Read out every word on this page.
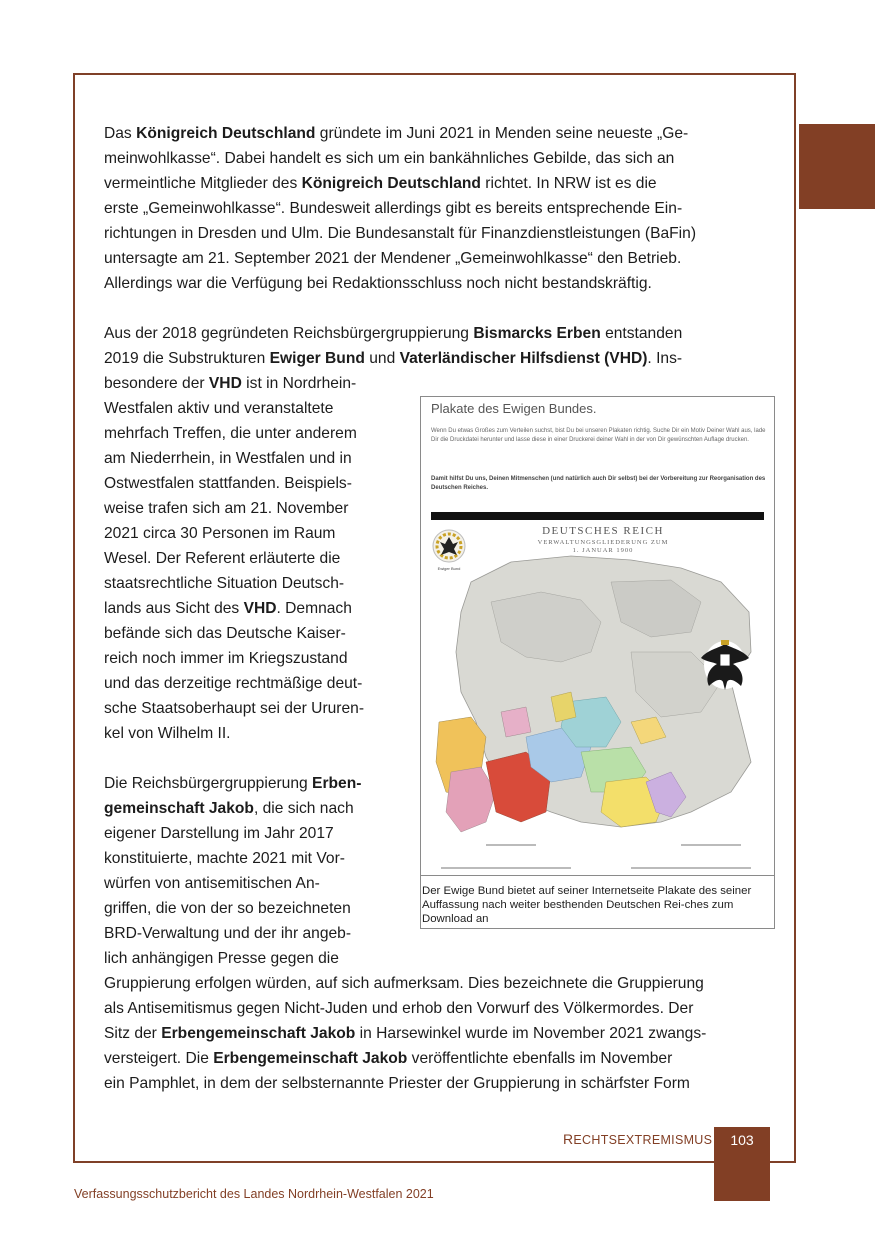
Das Königreich Deutschland gründete im Juni 2021 in Menden seine neueste „Ge-
meinwohlkasse“. Dabei handelt es sich um ein bankähnliches Gebilde, das sich an
vermeintliche Mitglieder des Königreich Deutschland richtet. In NRW ist es die
erste „Gemeinwohlkasse“. Bundesweit allerdings gibt es bereits entsprechende Ein-
richtungen in Dresden und Ulm. Die Bundesanstalt für Finanzdienstleistungen (BaFin)
untersagte am 21. September 2021 der Mendener „Gemeinwohlkasse“ den Betrieb.
Allerdings war die Verfügung bei Redaktionsschluss noch nicht bestandskräftig.
Aus der 2018 gegründeten Reichsbürgergruppierung Bismarcks Erben entstanden
2019 die Substrukturen Ewiger Bund und Vaterländischer Hilfsdienst (VHD). Ins-
besondere der VHD ist in Nordrhein-
Westfalen aktiv und veranstaltete
mehrfach Treffen, die unter anderem
am Niederrhein, in Westfalen und in
Ostwestfalen stattfanden. Beispiels-
weise trafen sich am 21. November
2021 circa 30 Personen im Raum
Wesel. Der Referent erläuterte die
staatsrechtliche Situation Deutsch-
lands aus Sicht des VHD. Demnach
befände sich das Deutsche Kaiser-
reich noch immer im Kriegszustand
und das derzeitige rechtmäßige deut-
sche Staatsoberhaupt sei der Ururen-
kel von Wilhelm II.
Die Reichsbürgergruppierung Erben-
gemeinschaft Jakob, die sich nach
eigener Darstellung im Jahr 2017
konstituierte, machte 2021 mit Vor-
würfen von antisemitischen An-
griffen, die von der so bezeichneten
BRD-Verwaltung und der ihr angeb-
lich anhängigen Presse gegen die
Gruppierung erfolgen würden, auf sich aufmerksam. Dies bezeichnete die Gruppierung
als Antisemitismus gegen Nicht-Juden und erhob den Vorwurf des Völkermordes. Der
Sitz der Erbengemeinschaft Jakob in Harsewinkel wurde im November 2021 zwangs-
versteigert. Die Erbengemeinschaft Jakob veröffentlichte ebenfalls im November
ein Pamphlet, in dem der selbsternannte Priester der Gruppierung in schärfster Form
Plakate des Ewigen Bundes.
Wenn Du etwas Großes zum Verteilen suchst, bist Du bei unseren Plakaten richtig. Suche Dir ein Motiv Deiner Wahl aus, lade Dir die Druckdatei herunter und lasse diese in einer Druckerei deiner Wahl in der von Dir gewünschten Auflage drucken.
Damit hilfst Du uns, Deinen Mitmenschen (und natürlich auch Dir selbst) bei der Vorbereitung zur Reorganisation des Deutschen Reiches.
DEUTSCHES REICH
VERWALTUNGSGLIEDERUNG ZUM
1. JANUAR 1900
Ewiger Bund
Der Ewige Bund bietet auf seiner Internetseite Plakate des seiner Auffassung nach weiter besthenden Deutschen Rei-ches zum Download an
RECHTSEXTREMISMUS	103
Verfassungsschutzbericht des Landes Nordrhein-Westfalen 2021
